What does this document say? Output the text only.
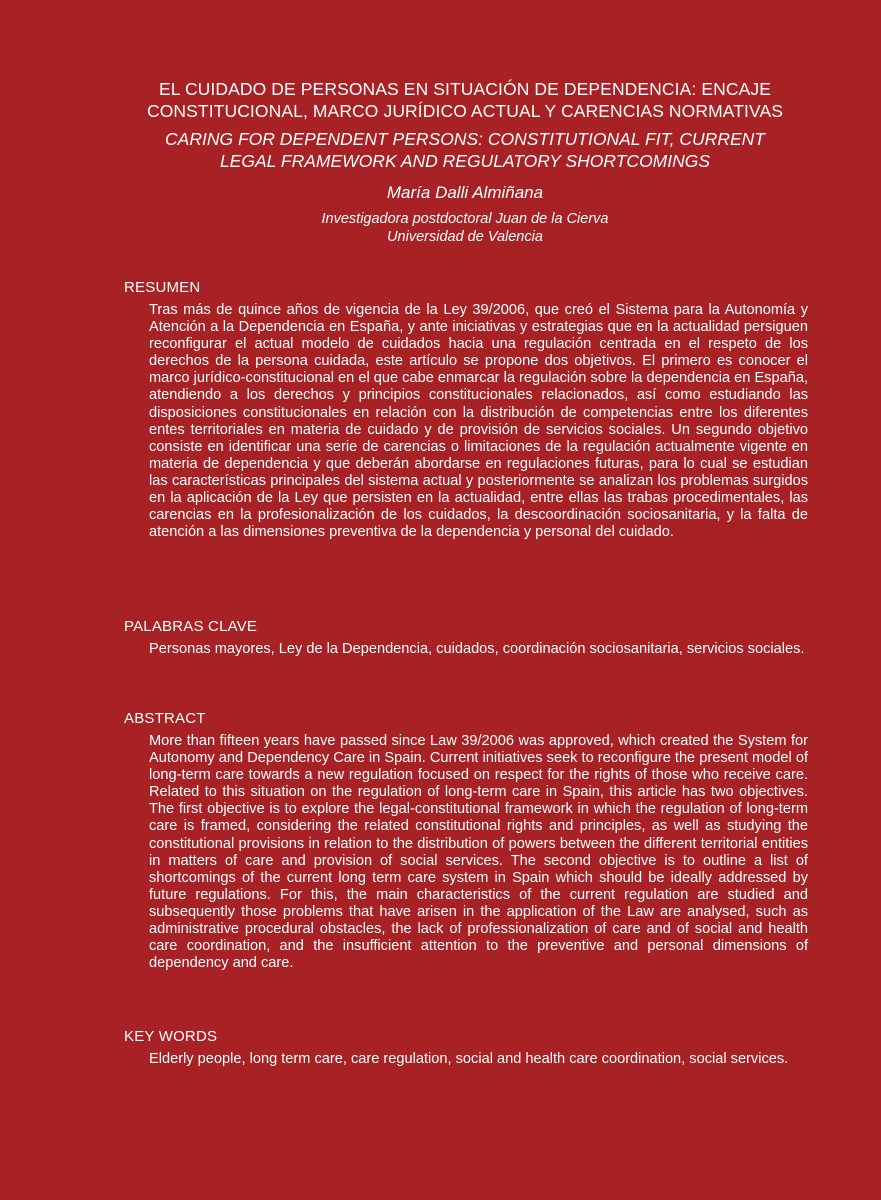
EL CUIDADO DE PERSONAS EN SITUACIÓN DE DEPENDENCIA: ENCAJE
CONSTITUCIONAL, MARCO JURÍDICO ACTUAL Y CARENCIAS NORMATIVAS
CARING FOR DEPENDENT PERSONS: CONSTITUTIONAL FIT, CURRENT
LEGAL FRAMEWORK AND REGULATORY SHORTCOMINGS

María Dalli Almiñana

Investigadora postdoctoral Juan de la Cierva
Universidad de Valencia

RESUMEN

Tras más de quince años de vigencia de la Ley 39/2006, que creó el Sistema para la Autonomía y Atención a la Dependencia en España, y ante iniciativas y estrategias que en la actualidad persiguen reconfigurar el actual modelo de cuidados hacia una regulación centrada en el respeto de los derechos de la persona cuidada, este artículo se propone dos objetivos. El primero es conocer el marco jurídico-constitucional en el que cabe enmarcar la regulación sobre la dependencia en España, atendiendo a los derechos y principios constitucionales relacionados, así como estudiando las disposiciones constitucionales en relación con la distribución de competencias entre los diferentes entes territoriales en materia de cuidado y de provisión de servicios sociales. Un segundo objetivo consiste en identificar una serie de carencias o limitaciones de la regulación actualmente vigente en materia de dependencia y que deberán abordarse en regulaciones futuras, para lo cual se estudian las características principales del sistema actual y posteriormente se analizan los problemas surgidos en la aplicación de la Ley que persisten en la actualidad, entre ellas las trabas procedimentales, las carencias en la profesionalización de los cuidados, la descoordinación sociosanitaria, y la falta de atención a las dimensiones preventiva de la dependencia y personal del cuidado.

PALABRAS CLAVE

Personas mayores, Ley de la Dependencia, cuidados, coordinación sociosanitaria, servicios sociales.

ABSTRACT

More than fifteen years have passed since Law 39/2006 was approved, which created the System for Autonomy and Dependency Care in Spain. Current initiatives seek to reconfigure the present model of long-term care towards a new regulation focused on respect for the rights of those who receive care. Related to this situation on the regulation of long-term care in Spain, this article has two objectives. The first objective is to explore the legal-constitutional framework in which the regulation of long-term care is framed, considering the related constitutional rights and principles, as well as studying the constitutional provisions in relation to the distribution of powers between the different territorial entities in matters of care and provision of social services. The second objective is to outline a list of shortcomings of the current long term care system in Spain which should be ideally addressed by future regulations. For this, the main characteristics of the current regulation are studied and subsequently those problems that have arisen in the application of the Law are analysed, such as administrative procedural obstacles, the lack of professionalization of care and of social and health care coordination, and the insufficient attention to the preventive and personal dimensions of dependency and care.

KEY WORDS

Elderly people, long term care, care regulation, social and health care coordination, social services.
